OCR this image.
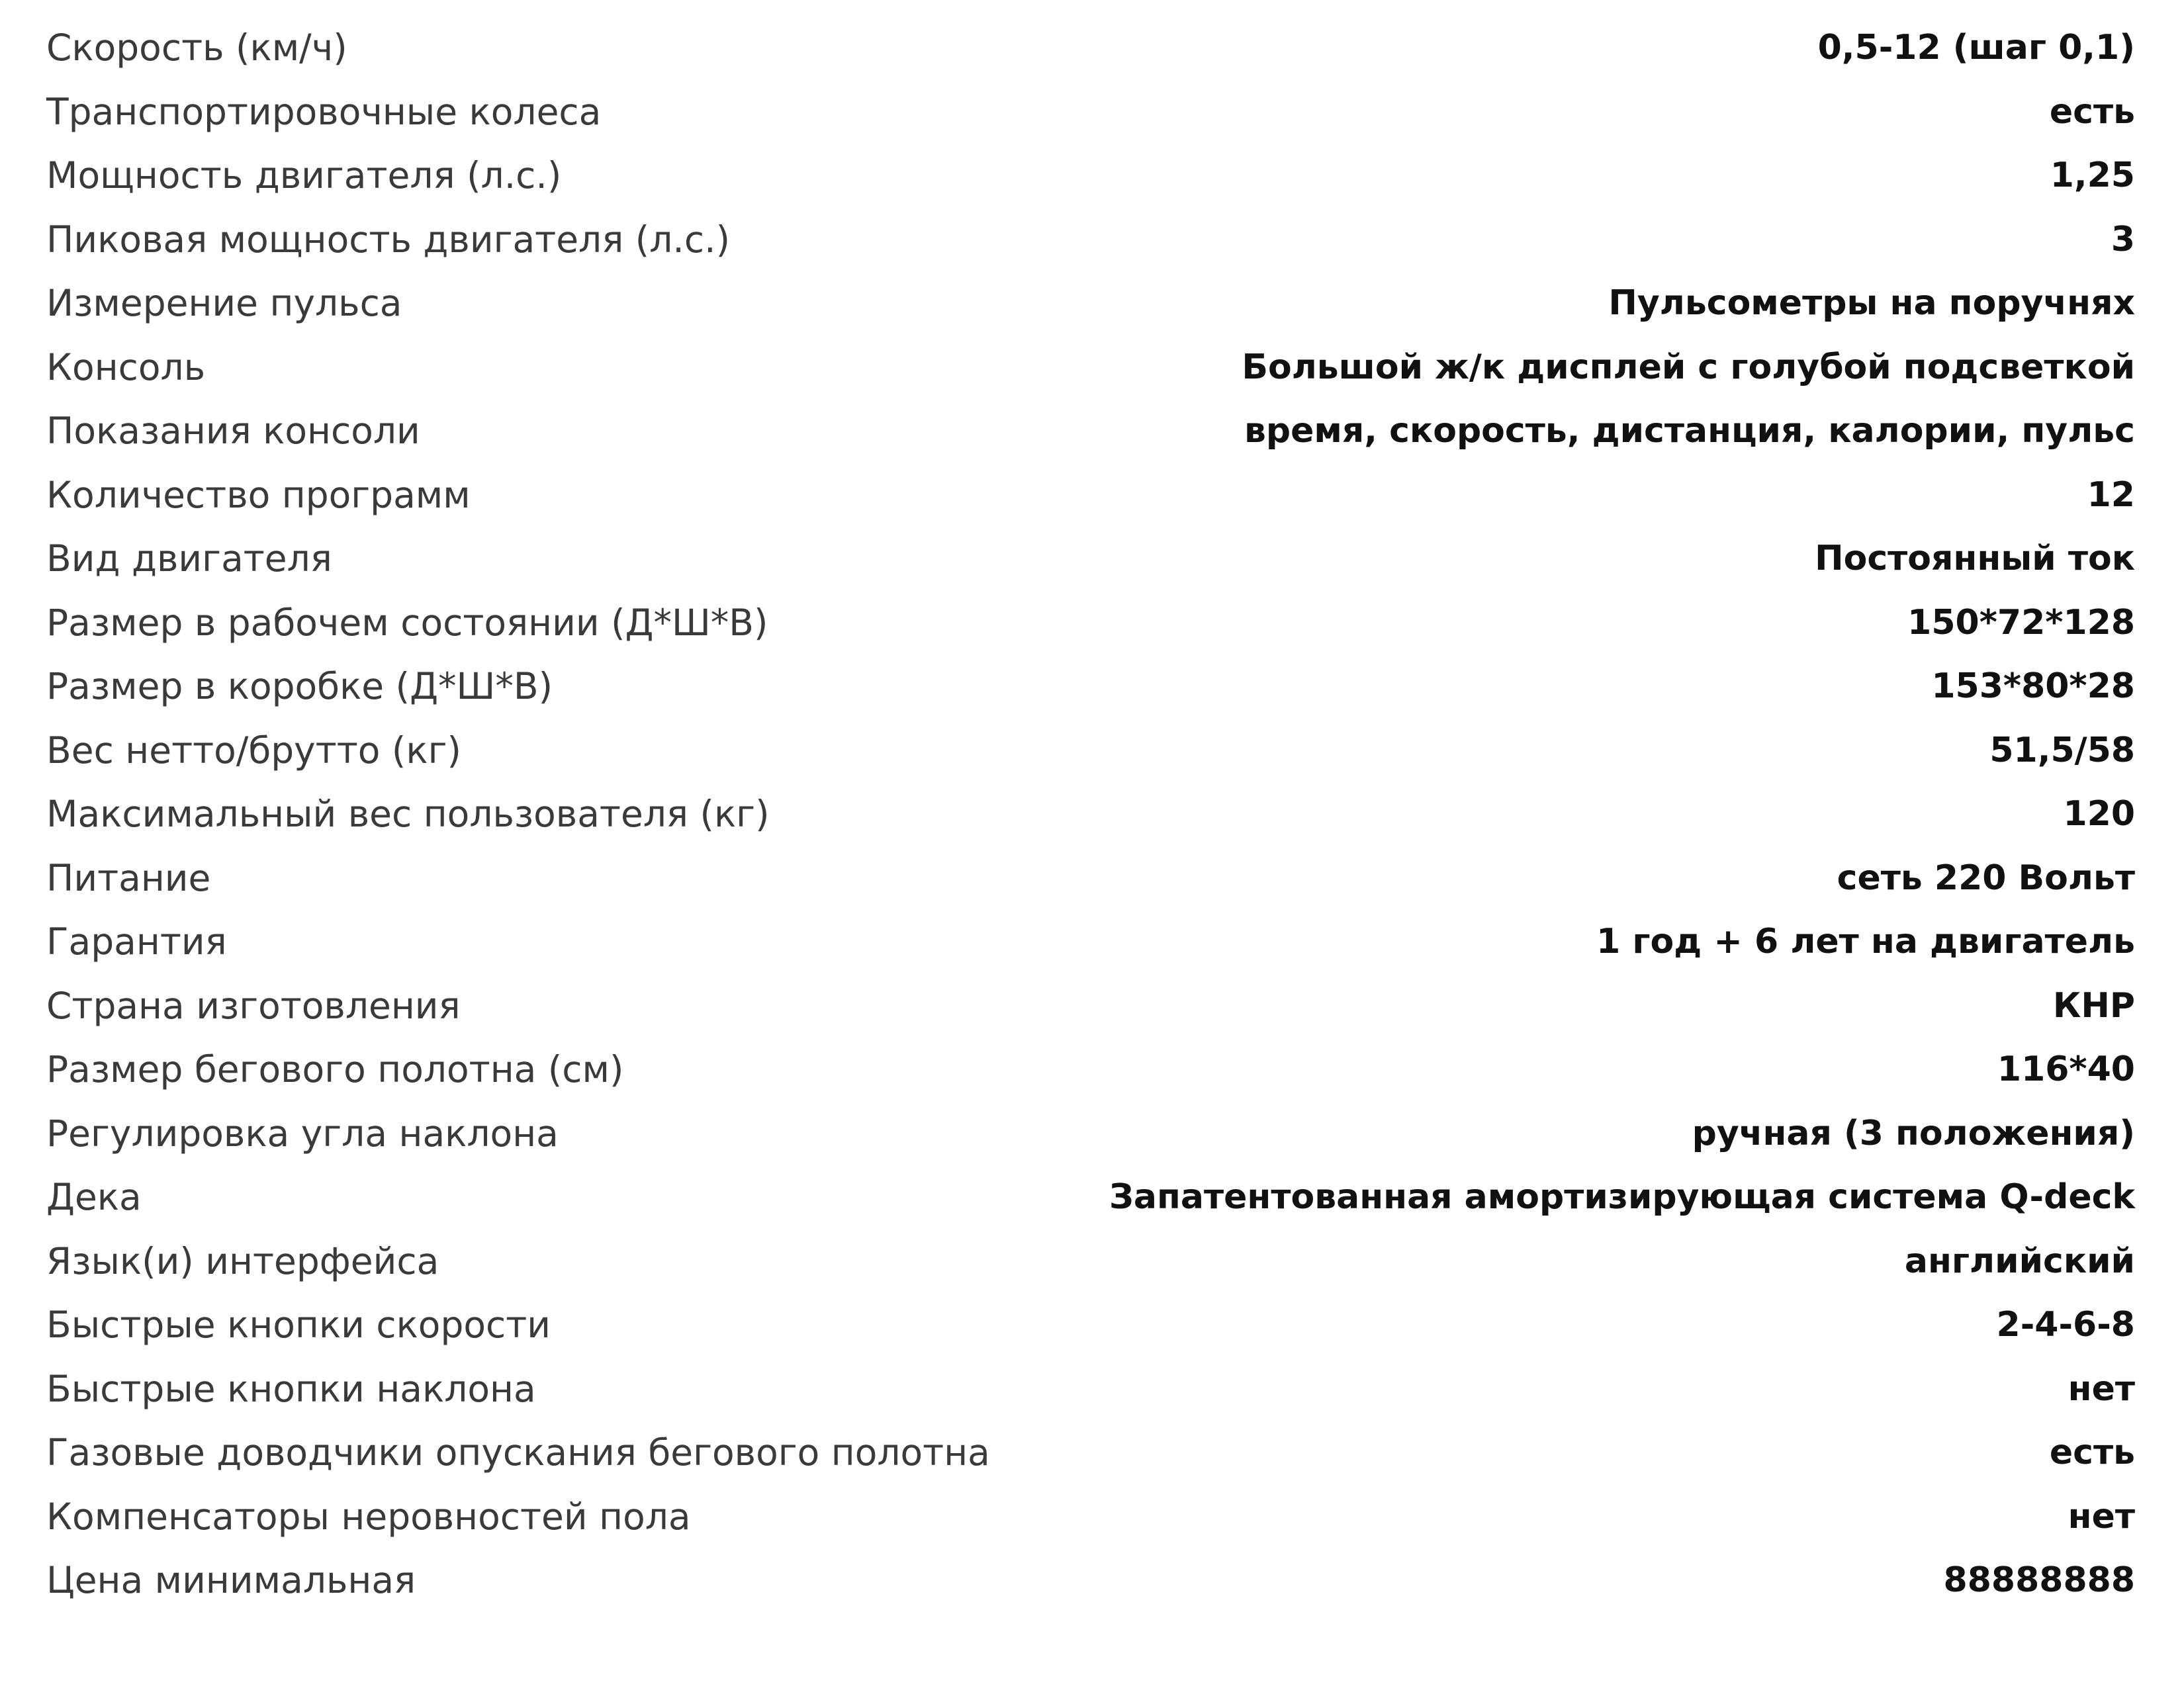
Скорость (км/ч)	0,5-12 (шаг 0,1)
Транспортировочные колеса	есть
Мощность двигателя (л.с.)	1,25
Пиковая мощность двигателя (л.с.)	3
Измерение пульса	Пульсометры на поручнях
Консоль	Большой ж/к дисплей с голубой подсветкой
Показания консоли	время, скорость, дистанция, калории, пульс
Количество программ	12
Вид двигателя	Постоянный ток
Размер в рабочем состоянии (Д*Ш*В)	150*72*128
Размер в коробке (Д*Ш*В)	153*80*28
Вес нетто/брутто (кг)	51,5/58
Максимальный вес пользователя (кг)	120
Питание	сеть 220 Вольт
Гарантия	1 год + 6 лет на двигатель
Страна изготовления	КНР
Размер бегового полотна (см)	116*40
Регулировка угла наклона	ручная (3 положения)
Дека	Запатентованная амортизирующая система Q-deck
Язык(и) интерфейса	английский
Быстрые кнопки скорости	2-4-6-8
Быстрые кнопки наклона	нет
Газовые доводчики опускания бегового полотна	есть
Компенсаторы неровностей пола	нет
Цена минимальная	88888888
